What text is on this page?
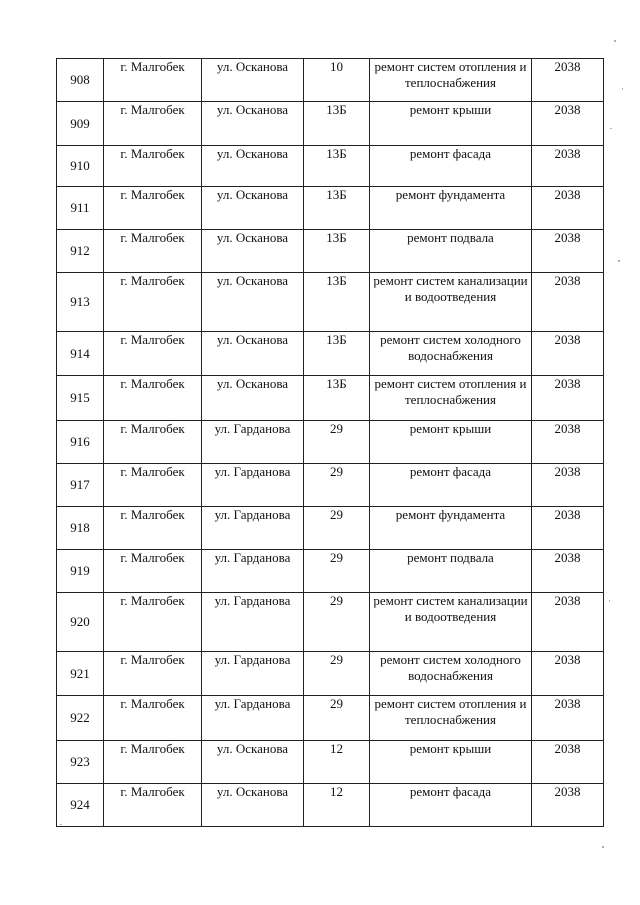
908	г. Малгобек	ул. Осканова	10	ремонт систем отопления и теплоснабжения	2038
909	г. Малгобек	ул. Осканова	13Б	ремонт крыши	2038
910	г. Малгобек	ул. Осканова	13Б	ремонт фасада	2038
911	г. Малгобек	ул. Осканова	13Б	ремонт фундамента	2038
912	г. Малгобек	ул. Осканова	13Б	ремонт подвала	2038
913	г. Малгобек	ул. Осканова	13Б	ремонт систем канализации и водоотведения	2038
914	г. Малгобек	ул. Осканова	13Б	ремонт систем холодного водоснабжения	2038
915	г. Малгобек	ул. Осканова	13Б	ремонт систем отопления и теплоснабжения	2038
916	г. Малгобек	ул. Гарданова	29	ремонт крыши	2038
917	г. Малгобек	ул. Гарданова	29	ремонт фасада	2038
918	г. Малгобек	ул. Гарданова	29	ремонт фундамента	2038
919	г. Малгобек	ул. Гарданова	29	ремонт подвала	2038
920	г. Малгобек	ул. Гарданова	29	ремонт систем канализации и водоотведения	2038
921	г. Малгобек	ул. Гарданова	29	ремонт систем холодного водоснабжения	2038
922	г. Малгобек	ул. Гарданова	29	ремонт систем отопления и теплоснабжения	2038
923	г. Малгобек	ул. Осканова	12	ремонт крыши	2038
924	г. Малгобек	ул. Осканова	12	ремонт фасада	2038
